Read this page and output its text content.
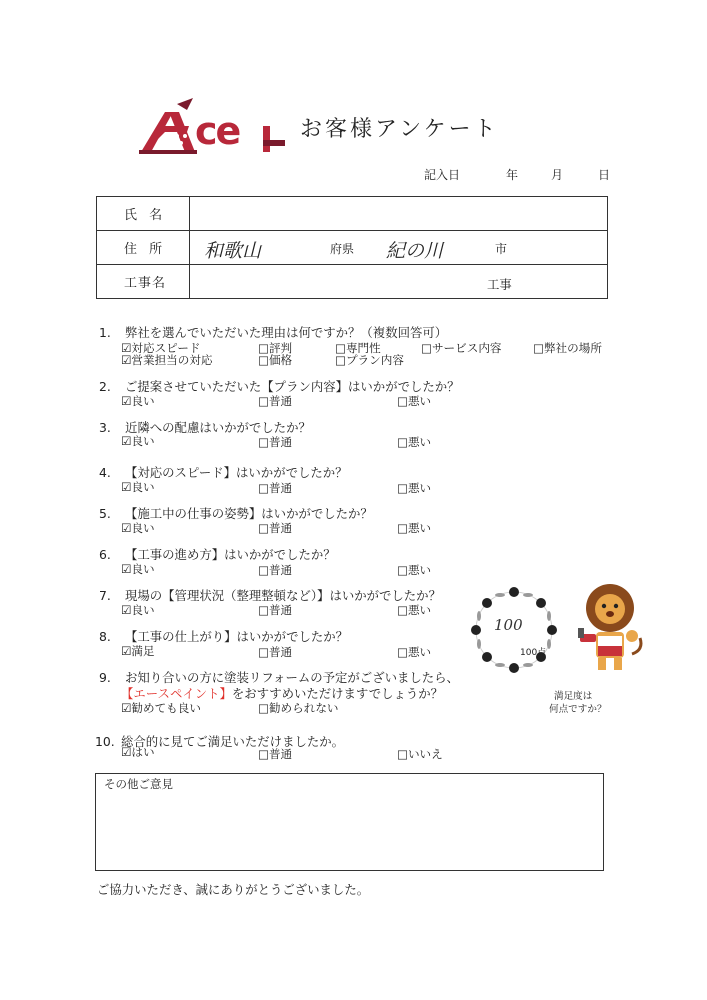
ce	お客様アンケート
記入日	年	月	日
氏 名	
住 所	和歌山 府県 紀の川 市

工事名	工事
1. 弊社を選んでいただいた理由は何ですか？（複数回答可）
☑対応スピード	□評判	□専門性	□サービス内容	□弊社の場所
☑営業担当の対応	□価格	□プラン内容
2. ご提案させていただいた【プラン内容】はいかがでしたか？
☑良い	□普通	□悪い
3. 近隣への配慮はいかがでしたか？
☑良い	□普通	□悪い
4. 【対応のスピード】はいかがでしたか？
☑良い	□普通	□悪い
5. 【施工中の仕事の姿勢】はいかがでしたか？
☑良い	□普通	□悪い
6. 【工事の進め方】はいかがでしたか？
☑良い	□普通	□悪い
7. 現場の【管理状況（整理整頓など）】はいかがでしたか？
☑良い	□普通	□悪い
8. 【工事の仕上がり】はいかがでしたか？
☑満足	□普通	□悪い
9. お知り合いの方に塗装リフォームの予定がございましたら、
【エースペイント】をおすすめいただけますでしょうか？
☑勧めても良い	□勧められない
10. 総合的に見てご満足いただけましたか。
☑はい	□普通	□いいえ
100
100点
満足度は
何点ですか？
その他ご意見
ご協力いただき、誠にありがとうございました。
